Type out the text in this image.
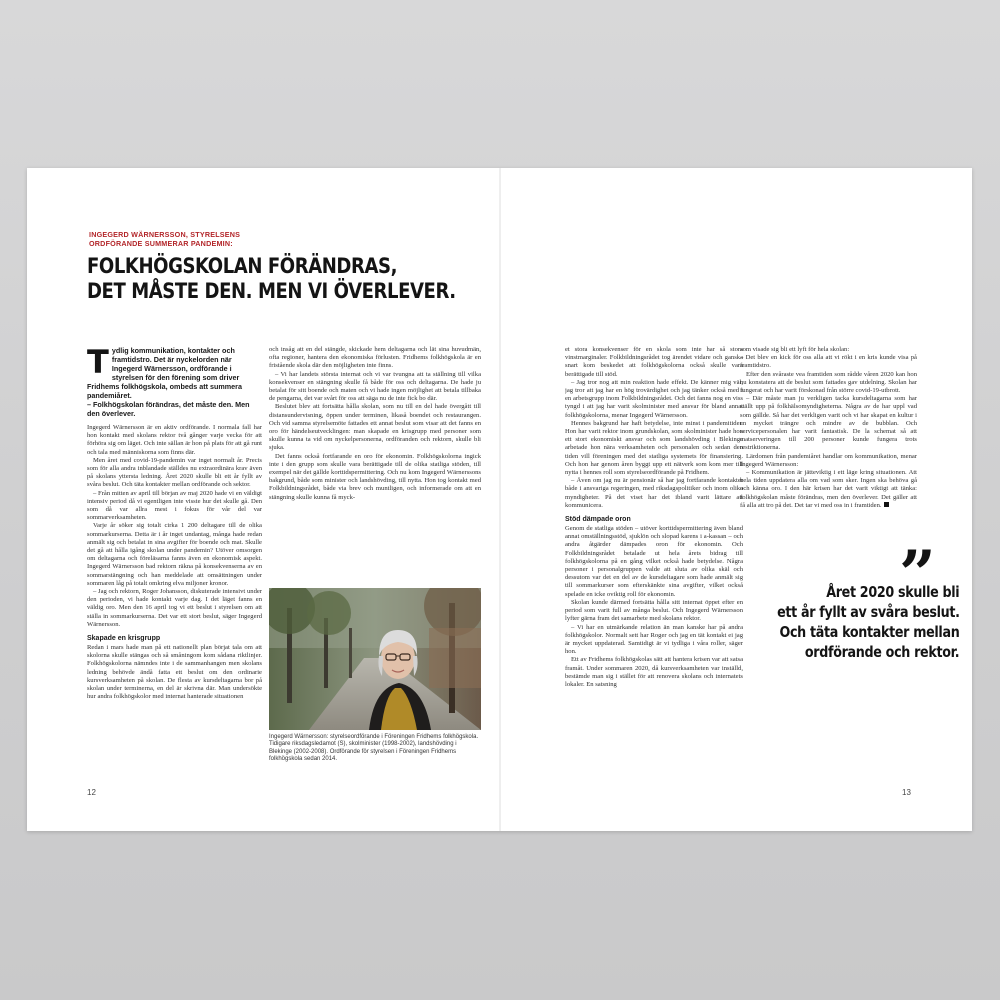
INGEGERD WÄRNERSSON, STYRELSENS
ORDFÖRANDE SUMMERAR PANDEMIN:
FOLKHÖGSKOLAN FÖRÄNDRAS,
DET MÅSTE DEN. MEN VI ÖVERLEVER.
T ydlig kommunikation, kontakter och framtidstro. Det är nyckelorden när Ingegerd Wärnersson, ordförande i styrelsen för den förening som driver Fridhems folkhögskola, ombeds att summera pandemiåret.
– Folkhögskolan förändras, det måste den. Men den överlever.

Ingegerd Wärnersson är en aktiv ordförande. I normala fall har hon kontakt med skolans rektor två gånger varje vecka för att förhöra sig om läget. Och inte sällan är hon på plats för att gå runt och tala med människorna som finns där.

Men året med covid-19-pandemin var inget normalt år. Precis som för alla andra inblandade ställdes nu extraordinära krav även på skolans yttersta ledning. Året 2020 skulle bli ett år fyllt av svåra beslut. Och täta kontakter mellan ordförande och sektor.

– Från mitten av april till början av maj 2020 hade vi en väldigt intensiv period då vi egentligen inte visste hur det skulle gå. Den som då var allra mest i fokus för vår del var sommarverksamheten.

Varje år söker sig totalt cirka 1 200 deltagare till de olika sommarkurserna. Detta är i år inget undantag, många hade redan anmält sig och betalat in sina avgifter för boende och mat. Skulle det gå att hålla igång skolan under pandemin? Utöver omsorgen om deltagarna och föreläsarna fanns även en ekonomisk aspekt. Ingegerd Wärnersson bad rektorn räkna på konsekvenserna av en sommarstängning och han meddelade att omsättningen under sommaren låg på totalt omkring elva miljoner kronor.

– Jag och rektorn, Roger Johansson, diskuterade intensivt under den perioden, vi hade kontakt varje dag. I det läget fanns en väldig oro. Men den 16 april tog vi ett beslut i styrelsen om att ställa in sommarkurserna. Det var ett stort beslut, säger Ingegerd Wärnersson.

Skapade en krisgrupp

Redan i mars hade man på ett nationellt plan börjat tala om att skolorna skulle stängas och så småningom kom sådana riktlinjer. Folkhögskolorna nämndes inte i de sammanhangen men skolans ledning behövde ändå fatta ett beslut om den ordinarie kursverksamheten på skolan. De flesta av kursdeltagarna bor på skolan under terminerna, en del är skrivna där. Man undersökte hur andra folkhögskolor med internat hanterade situationen

och insåg att en del stängde, skickade hem deltagarna och lät sina huvudmän, ofta regioner, hantera den ekonomiska förlusten. Fridhems folkhögskola är en fristående skola där den möjligheten inte finns.

– Vi har landets största internat och vi var tvungna att ta ställning till vilka konsekvenser en stängning skulle få både för oss och deltagarna. De hade ju betalat för sitt boende och maten och vi hade ingen möjlighet att betala tillbaka de pengarna, det var svårt för oss att säga nu de inte fick bo där.

Beslutet blev att fortsätta hålla skolan, som nu till en del hade övergått till distansundervisning, öppen under terminen, likaså boendet och restaurangen. Och vid samma styrelsemöte fattades ett annat beslut som visar att det fanns en oro för händelseutvecklingen: man skapade en krisgrupp med personer som skulle kunna ta vid om nyckelpersonerna, ordföranden och rektorn, skulle bli sjuka.

Det fanns också fortfarande en oro för ekonomin. Folkhögskolorna ingick inte i den grupp som skulle vara berättigade till de olika statliga stöden, till exempel när det gällde korttidspermittering. Och nu kom Ingegerd Wärnerssons bakgrund, både som minister och landshövding, till nytta. Hon tog kontakt med Folkbildningsrådet, både via brev och muntligen, och informerade om att en stängning skulle kunna få myck-

Ingegerd Wärnersson: styrelseordförande i Föreningen Fridhems folkhögskola. Tidigare riksdagsledamot (S), skolminister (1998-2002), landshövding i Blekinge (2002-2008). Ordförande för styrelsen i Föreningen Fridhems folkhögskola sedan 2014.

et stora konsekvenser för en skola som inte har så stora vinstmarginaler. Folkbildningsrådet tog ärendet vidare och ganska snart kom beskedet att folkhögskolorna också skulle vara berättigade till stöd.

– Jag tror nog att min reaktion hade effekt. De känner mig väl, jag tror att jag har en hög trovärdighet och jag tänker också med i en arbetsgrupp inom Folkbildningsrådet. Och det fanns nog en viss tyngd i att jag har varit skolminister med ansvar för bland annat folkhögskolorna, menar Ingegerd Wärnersson.

Hennes bakgrund har haft betydelse, inte minst i pandemitider. Hon har varit rektor inom grundskolan, som skolminister hade hon ett stort ekonomiskt ansvar och som landshövding i Blekinge arbetade hon nära verksamheten och personalen och sedan den tiden vill föreningen med det statliga systemets för finansiering. Och hon har genom åren byggt upp ett nätverk som kom mer till nytta i hennes roll som styrelseordförande på Fridhem.

– Även om jag nu är pensionär så har jag fortfarande kontakter både i ansvariga regeringen, med riksdagspolitiker och inom olika myndigheter. På det viset har det ibland varit lättare att kommunicera.

Stöd dämpade oron

Genom de statliga stöden – utöver korttidspermittering även bland annat omställningsstöd, sjuklön och slopad karens i a-kassan – och andra åtgärder dämpades oron för ekonomin. Och Folkbildningsrådet betalade ut hela årets bidrag till folkhögskolorna på en gång vilket också hade betydelse. Några personer i personalgruppen valde att sluta av olika skäl och dessutom var det en del av de kursdeltagare som hade anmält sig till sommarkurser som efterskänkte sina avgifter, vilket också spelade en icke oviktig roll för ekonomin.

Skolan kunde därmed fortsätta hålla sitt internat öppet efter en period som varit full av många beslut. Och Ingegerd Wärnersson lyfter gärna fram det samarbete med skolans rektor.

– Vi har en utmärkande relation än man kanske har på andra folkhögskolor. Normalt sett har Roger och jag en tät kontakt ei jag är mycket uppdaterad. Samtidigt är vi tydliga i våra roller, säger hon.

Ett av Fridhems folkhögskolas sätt att hantera krisen var att satsa framåt. Under sommaren 2020, då kursverksamheten var inställd, bestämde man sig i stället för att renovera skolans och internatets lokaler. En satsning

som visade sig bli ett lyft för hela skolan:

– Det blev en kick för oss alla att vi rökt i en kris kunde visa på framtidstro.

Efter den svåraste vea framtiden som rådde våren 2020 kan hon nu konstatera att de beslut som fattades gav utdelning. Skolan har fungerat och har varit förskonad från större covid-19-utbrott.

– Där måste man ju verkligen tacka kursdeltagarna som har ställt upp på folkhälsomyndigheterna. Några av de har uppl vad som gällde. Så har det verkligen varit och vi har skapat en kultur i en mycket trängre och mindre av de bubblan. Och servicepersonalen har varit fantastisk. De la schemat så att matserveringen till 200 personer kunde fungera trots restriktionerna.

Lärdomen från pandemiåret handlar om kommunikation, menar Ingegerd Wärnersson:

– Kommunikation är jätteviktig i ett läge kring situationen. Att hela tiden uppdatera alla om vad som sker. Ingen ska behöva gå och känna oro. I den här krisen har det varit viktigt att tänka: folkhögskolan måste förändras, men den överlever. Det gäller att få alla att tro på det. Det tar vi med oss in i framtiden.

”
Året 2020 skulle bli
ett år fyllt av svåra beslut.
Och täta kontakter mellan
ordförande och rektor.
12	13
